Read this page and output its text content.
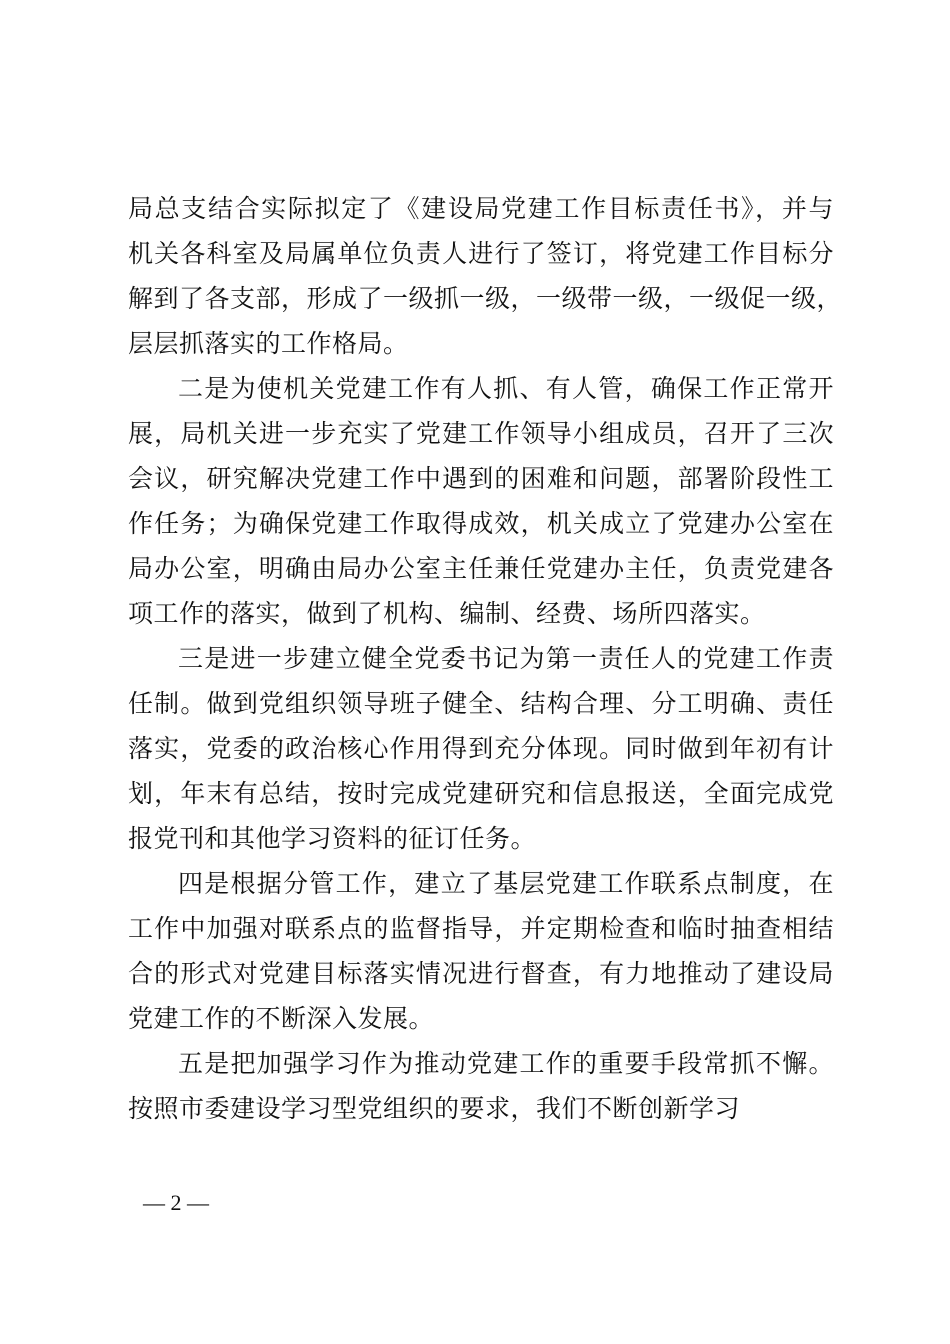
局总支结合实际拟定了《建设局党建工作目标责任书》，并与
机关各科室及局属单位负责人进行了签订，将党建工作目标分
解到了各支部，形成了一级抓一级，一级带一级，一级促一级，
层层抓落实的工作格局。
二是为使机关党建工作有人抓、有人管，确保工作正常开
展，局机关进一步充实了党建工作领导小组成员，召开了三次
会议，研究解决党建工作中遇到的困难和问题，部署阶段性工
作任务；为确保党建工作取得成效，机关成立了党建办公室在
局办公室，明确由局办公室主任兼任党建办主任，负责党建各
项工作的落实，做到了机构、编制、经费、场所四落实。
三是进一步建立健全党委书记为第一责任人的党建工作责
任制。做到党组织领导班子健全、结构合理、分工明确、责任
落实，党委的政治核心作用得到充分体现。同时做到年初有计
划，年末有总结，按时完成党建研究和信息报送，全面完成党
报党刊和其他学习资料的征订任务。
四是根据分管工作，建立了基层党建工作联系点制度，在
工作中加强对联系点的监督指导，并定期检查和临时抽查相结
合的形式对党建目标落实情况进行督查，有力地推动了建设局
党建工作的不断深入发展。
五是把加强学习作为推动党建工作的重要手段常抓不懈。
按照市委建设学习型党组织的要求，我们不断创新学习
— 2 —
